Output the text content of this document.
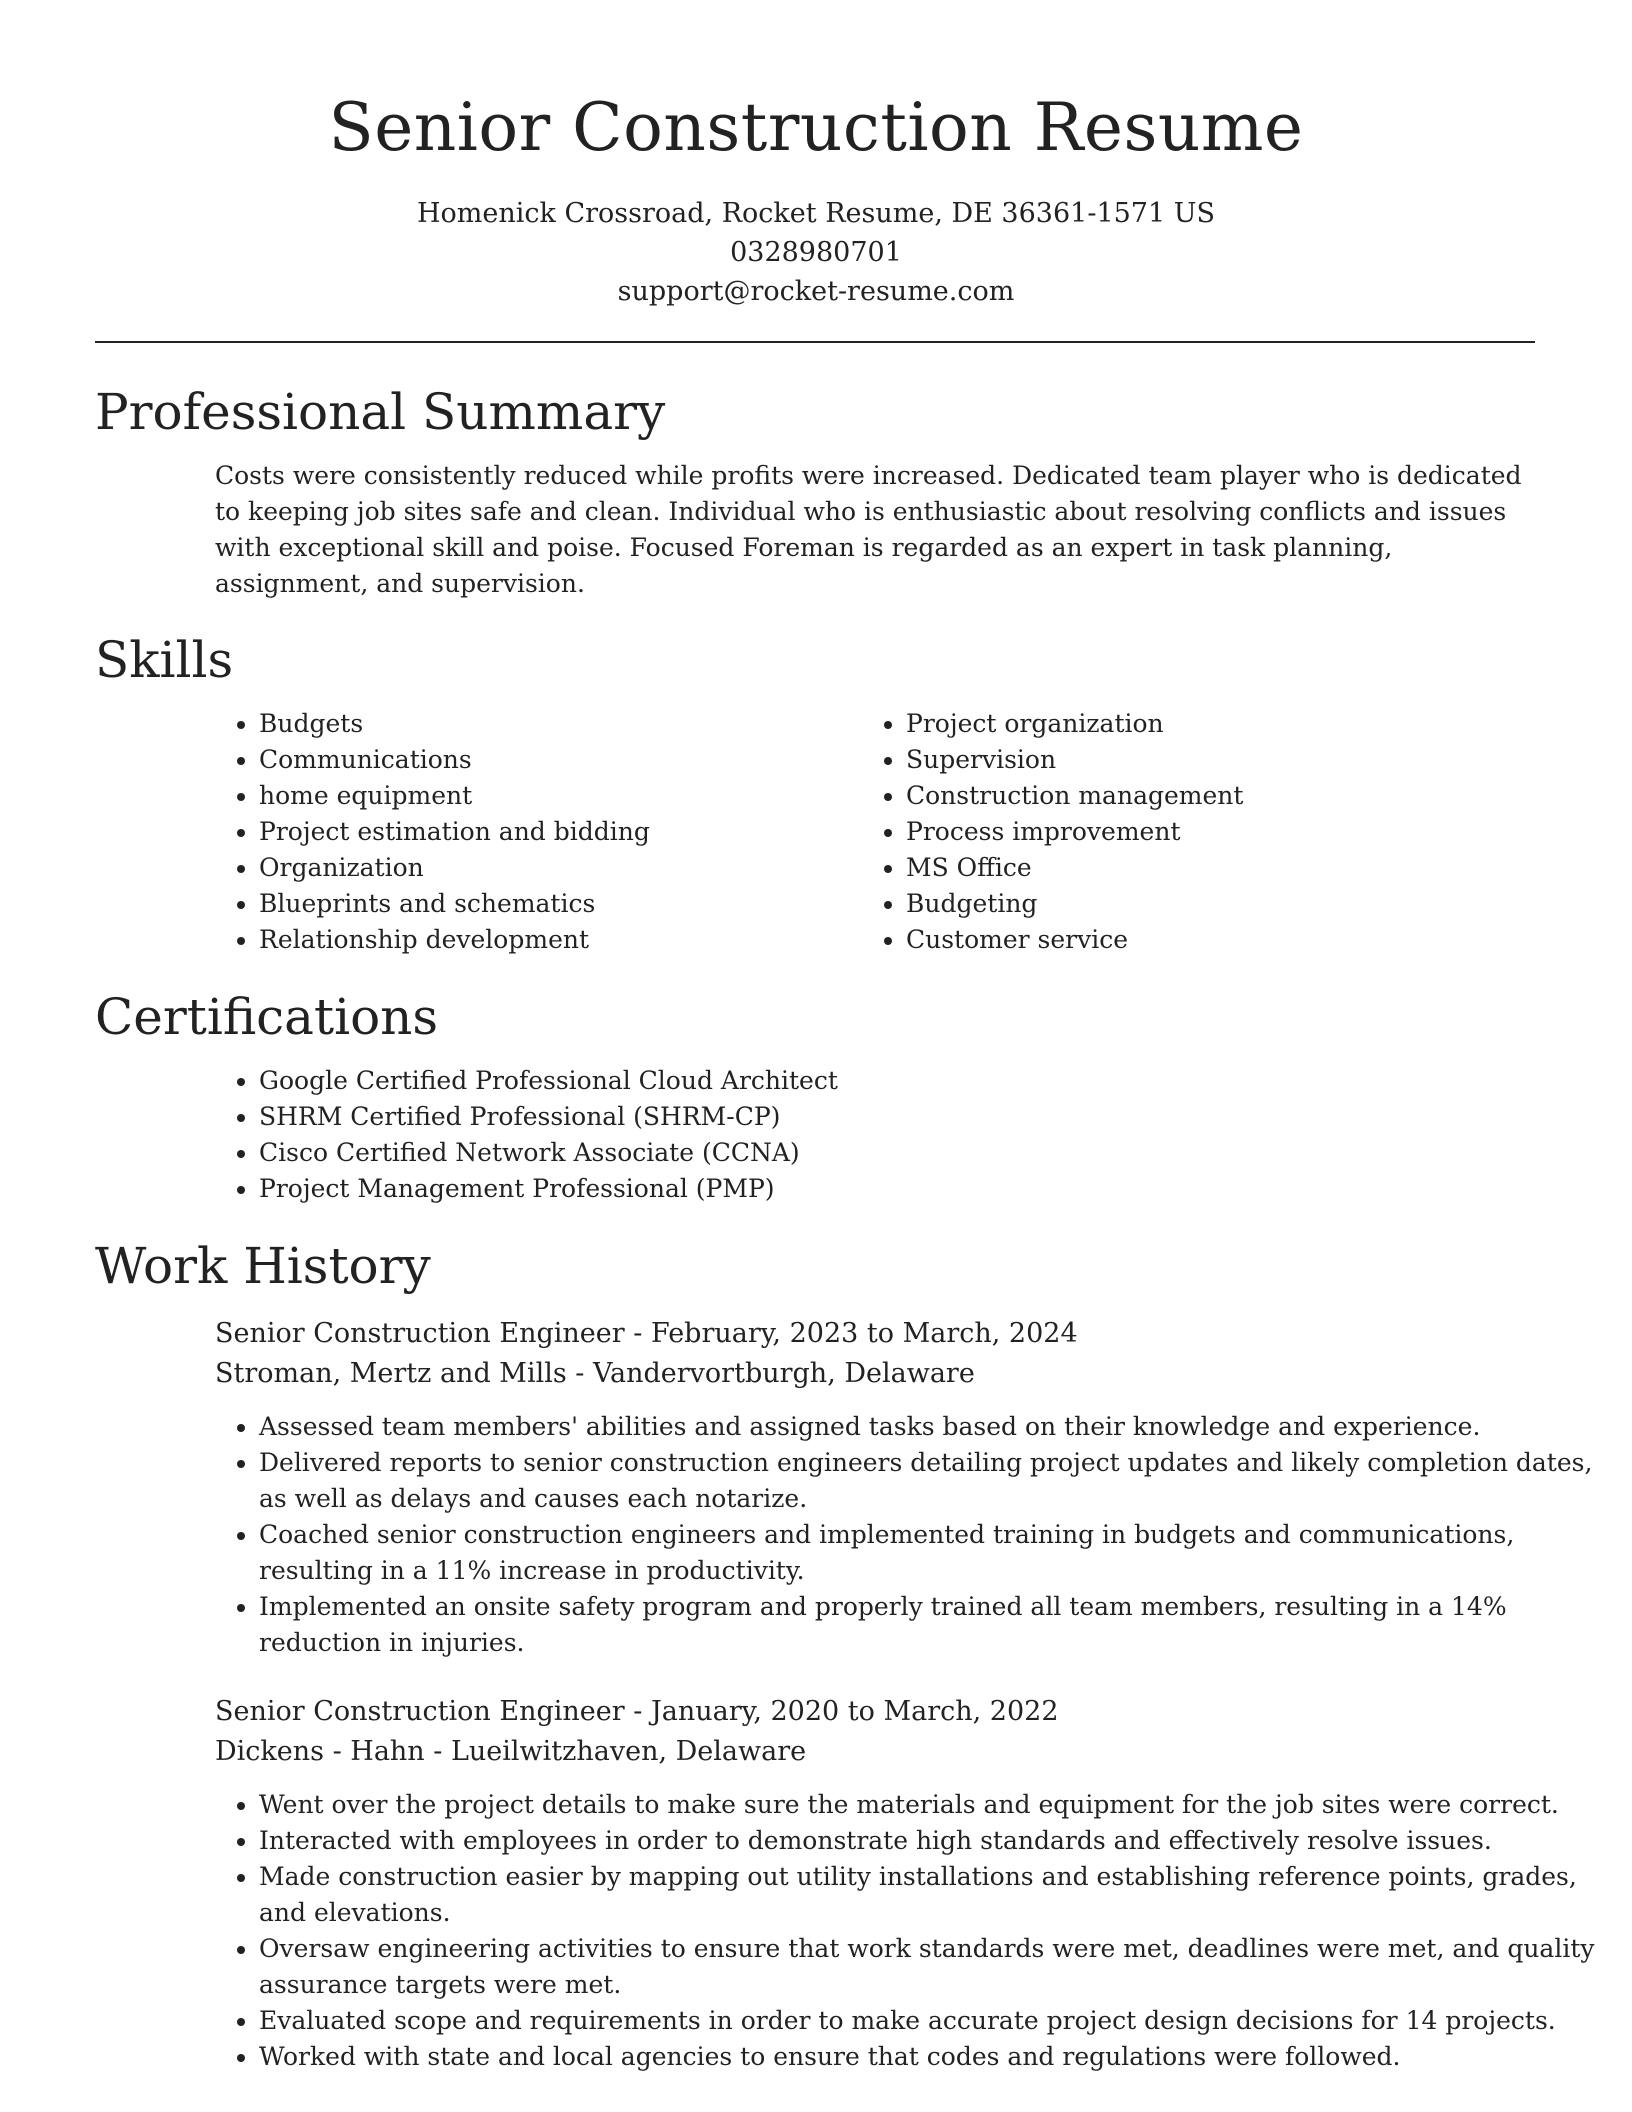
Senior Construction Resume
Homenick Crossroad, Rocket Resume, DE 36361-1571 US
0328980701
support@rocket-resume.com
Professional Summary

Costs were consistently reduced while profits were increased. Dedicated team player who is dedicated to keeping job sites safe and clean. Individual who is enthusiastic about resolving conflicts and issues with exceptional skill and poise. Focused Foreman is regarded as an expert in task planning, assignment, and supervision.

Skills
• Budgets
• Communications
• home equipment
• Project estimation and bidding
• Organization
• Blueprints and schematics
• Relationship development
• Project organization
• Supervision
• Construction management
• Process improvement
• MS Office
• Budgeting
• Customer service
Certifications
• Google Certified Professional Cloud Architect
• SHRM Certified Professional (SHRM-CP)
• Cisco Certified Network Associate (CCNA)
• Project Management Professional (PMP)
Work History
Senior Construction Engineer - February, 2023 to March, 2024
Stroman, Mertz and Mills - Vandervortburgh, Delaware
• Assessed team members' abilities and assigned tasks based on their knowledge and experience.
• Delivered reports to senior construction engineers detailing project updates and likely completion dates, as well as delays and causes each notarize.
• Coached senior construction engineers and implemented training in budgets and communications, resulting in a 11% increase in productivity.
• Implemented an onsite safety program and properly trained all team members, resulting in a 14% reduction in injuries.
Senior Construction Engineer - January, 2020 to March, 2022
Dickens - Hahn - Lueilwitzhaven, Delaware
• Went over the project details to make sure the materials and equipment for the job sites were correct.
• Interacted with employees in order to demonstrate high standards and effectively resolve issues.
• Made construction easier by mapping out utility installations and establishing reference points, grades, and elevations.
• Oversaw engineering activities to ensure that work standards were met, deadlines were met, and quality assurance targets were met.
• Evaluated scope and requirements in order to make accurate project design decisions for 14 projects.
• Worked with state and local agencies to ensure that codes and regulations were followed.
